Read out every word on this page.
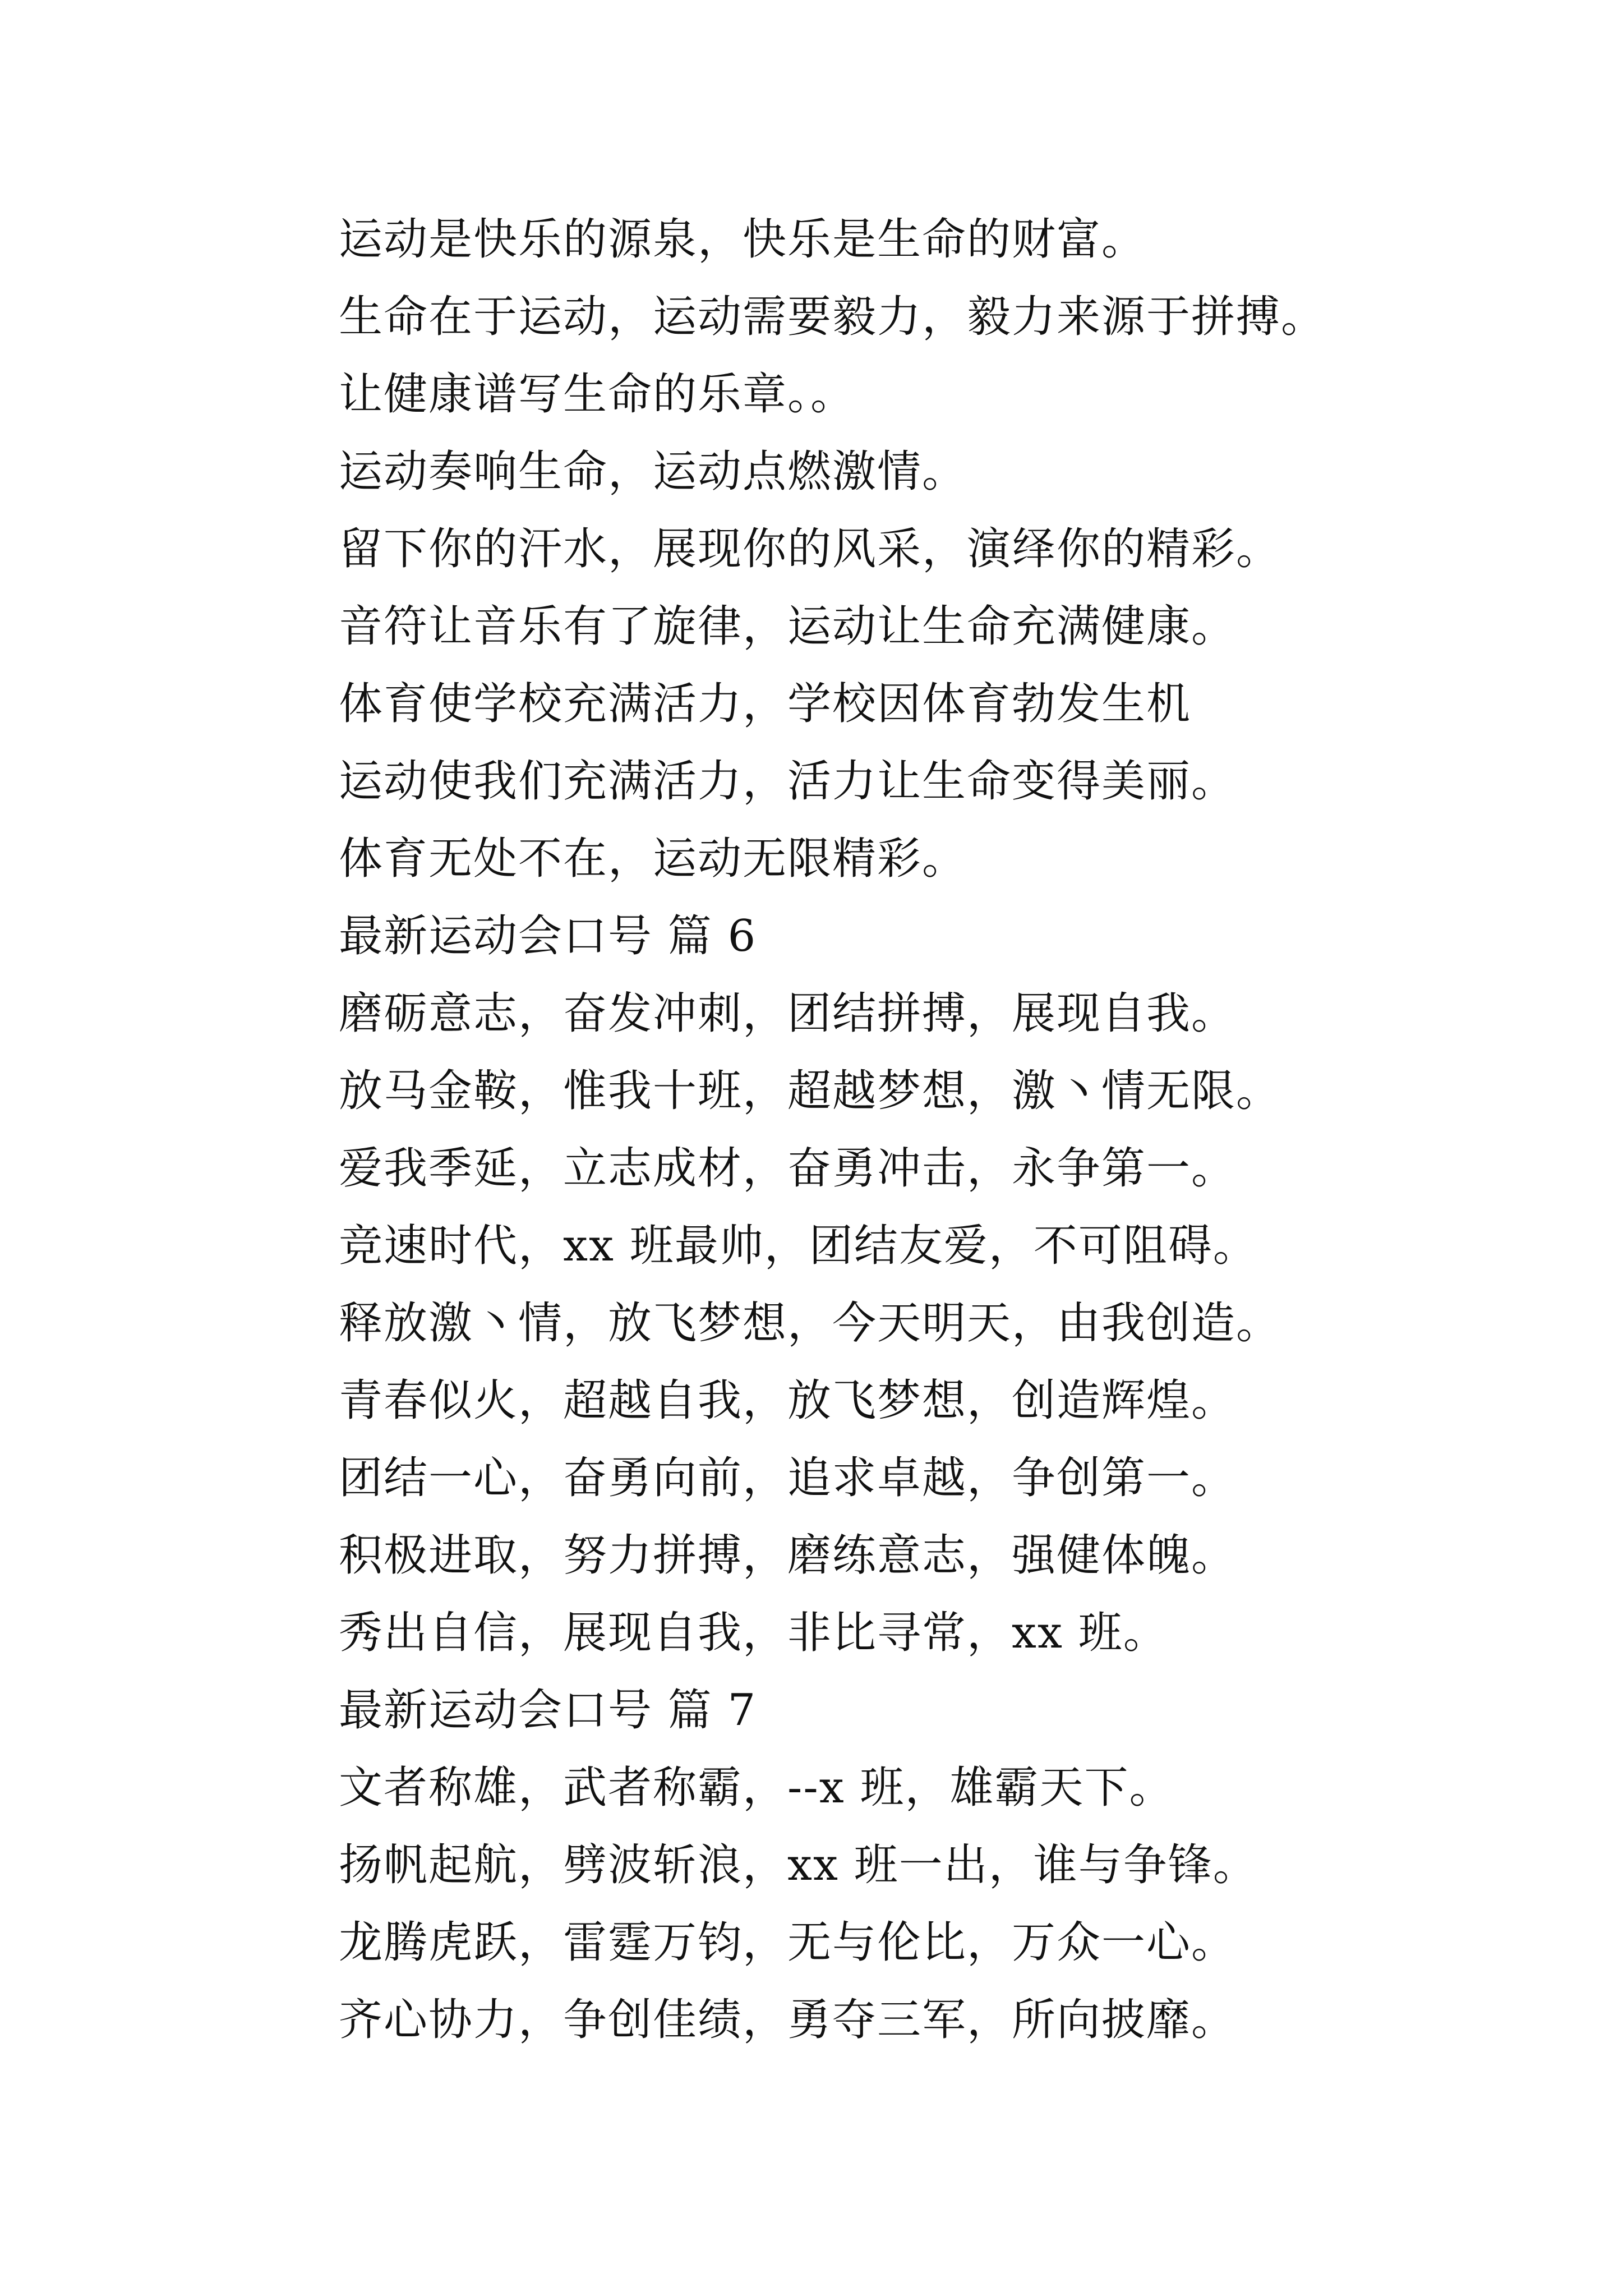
运动是快乐的源泉，快乐是生命的财富。
生命在于运动，运动需要毅力，毅力来源于拼搏。
让健康谱写生命的乐章。。
运动奏响生命，运动点燃激情。
留下你的汗水，展现你的风采，演绎你的精彩。
音符让音乐有了旋律，运动让生命充满健康。
体育使学校充满活力，学校因体育勃发生机
运动使我们充满活力，活力让生命变得美丽。
体育无处不在，运动无限精彩。
最新运动会口号 篇 6
磨砺意志，奋发冲刺，团结拼搏，展现自我。
放马金鞍，惟我十班，超越梦想，激丶情无限。
爱我季延，立志成材，奋勇冲击，永争第一。
竞速时代，xx 班最帅，团结友爱，不可阻碍。
释放激丶情，放飞梦想，今天明天，由我创造。
青春似火，超越自我，放飞梦想，创造辉煌。
团结一心，奋勇向前，追求卓越，争创第一。
积极进取，努力拼搏，磨练意志，强健体魄。
秀出自信，展现自我，非比寻常，xx 班。
最新运动会口号 篇 7
文者称雄，武者称霸，--x 班，雄霸天下。
扬帆起航，劈波斩浪，xx 班一出，谁与争锋。
龙腾虎跃，雷霆万钧，无与伦比，万众一心。
齐心协力，争创佳绩，勇夺三军，所向披靡。
